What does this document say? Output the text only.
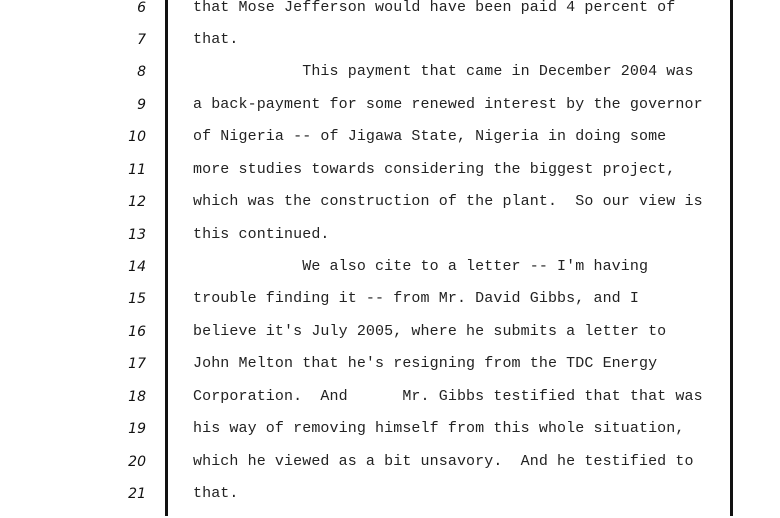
6	that Mose Jefferson would have been paid 4 percent of
7	that.
8	This payment that came in December 2004 was
9	a back-payment for some renewed interest by the governor
10	of Nigeria -- of Jigawa State, Nigeria in doing some
11	more studies towards considering the biggest project,
12	which was the construction of the plant.  So our view is
13	this continued.
14	We also cite to a letter -- I'm having
15	trouble finding it -- from Mr. David Gibbs, and I
16	believe it's July 2005, where he submits a letter to
17	John Melton that he's resigning from the TDC Energy
18	Corporation.  And      Mr. Gibbs testified that that was
19	his way of removing himself from this whole situation,
20	which he viewed as a bit unsavory.  And he testified to
21	that.
